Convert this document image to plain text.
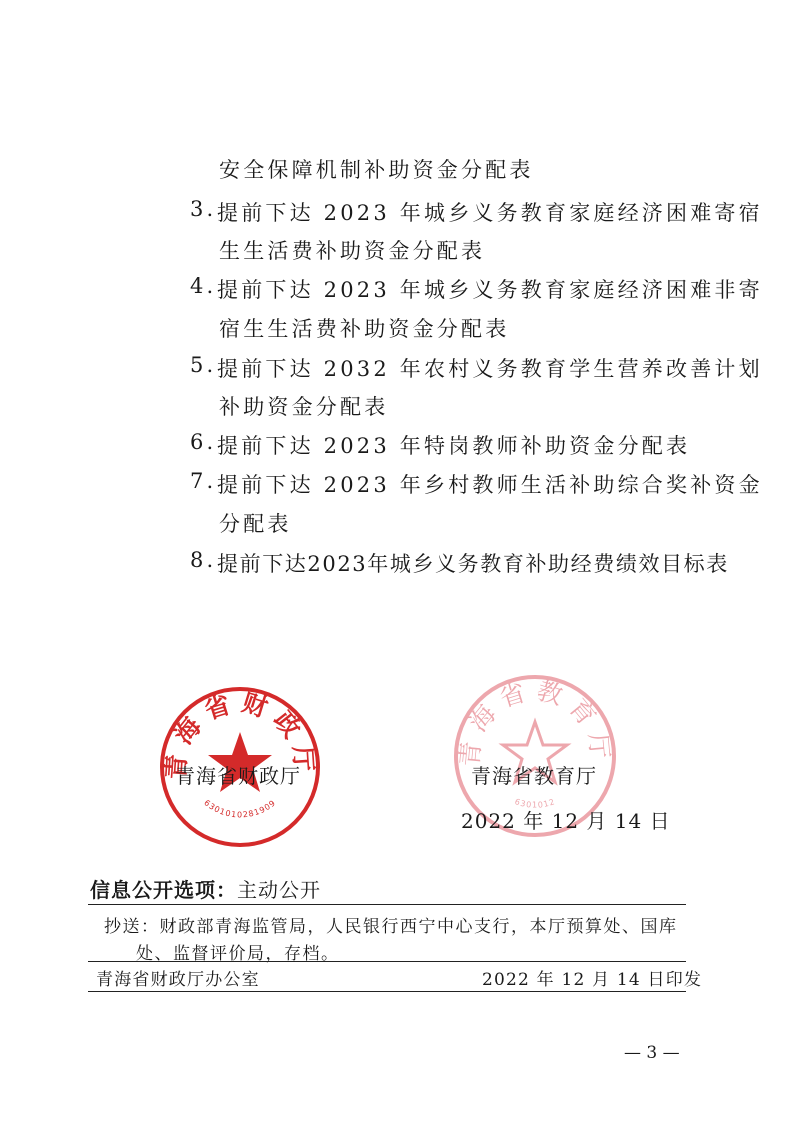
安全保障机制补助资金分配表
3. 提前下达 2023 年城乡义务教育家庭经济困难寄宿
生生活费补助资金分配表
4. 提前下达 2023 年城乡义务教育家庭经济困难非寄
宿生生活费补助资金分配表
5. 提前下达 2032 年农村义务教育学生营养改善计划
补助资金分配表
6. 提前下达 2023 年特岗教师补助资金分配表
7. 提前下达 2023 年乡村教师生活补助综合奖补资金
分配表
8. 提前下达2023年城乡义务教育补助经费绩效目标表
青海省财政厅
6301010281909
青海省教育厅
6301012
青海省财政厅	青海省教育厅
2022 年 12 月 14 日
信息公开选项：主动公开
抄送：财政部青海监管局，人民银行西宁中心支行，本厅预算处、国库
处、监督评价局，存档。
青海省财政厅办公室	2022 年 12 月 14 日印发
— 3 —
